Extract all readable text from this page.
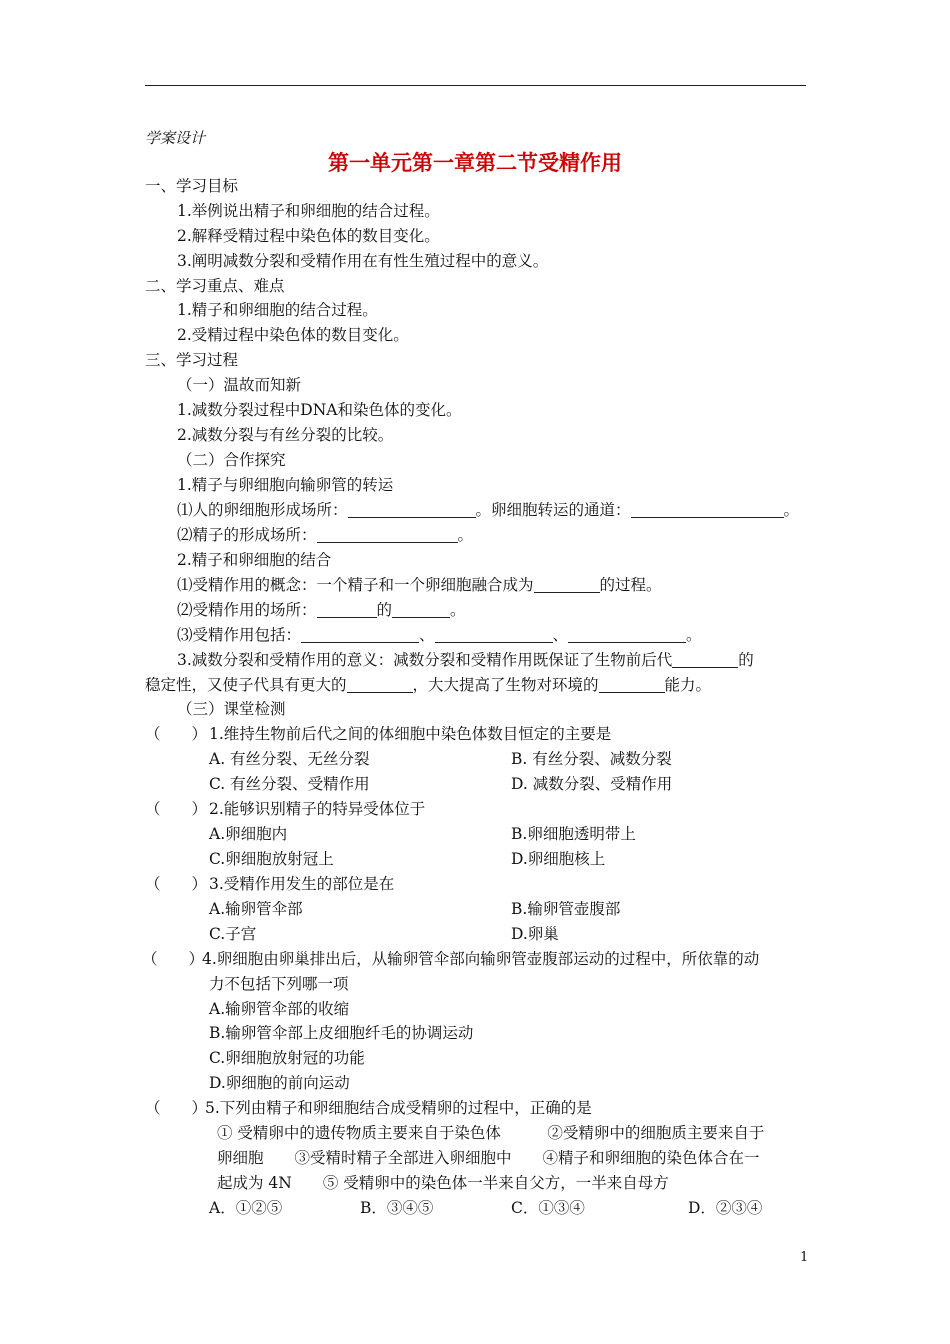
学案设计
第一单元第一章第二节受精作用
一、学习目标
1.举例说出精子和卵细胞的结合过程。
2.解释受精过程中染色体的数目变化。
3.阐明减数分裂和受精作用在有性生殖过程中的意义。
二、学习重点、难点
1.精子和卵细胞的结合过程。
2.受精过程中染色体的数目变化。
三、学习过程
（一）温故而知新
1.减数分裂过程中DNA和染色体的变化。
2.减数分裂与有丝分裂的比较。
（二）合作探究
1.精子与卵细胞向输卵管的转运
⑴人的卵细胞形成场所：	。卵细胞转运的通道：	。
⑵精子的形成场所：	。
2.精子和卵细胞的结合
⑴受精作用的概念：一个精子和一个卵细胞融合成为	的过程。
⑵受精作用的场所：	的	。
⑶受精作用包括：	、	、	。
3.减数分裂和受精作用的意义：减数分裂和受精作用既保证了生物前后代	的
稳定性，又使子代具有更大的	，大大提高了生物对环境的	能力。
（三）课堂检测
（　　） 1.维持生物前后代之间的体细胞中染色体数目恒定的主要是
A. 有丝分裂、无丝分裂	B. 有丝分裂、减数分裂
C. 有丝分裂、受精作用	D. 减数分裂、受精作用
（　　） 2.能够识别精子的特异受体位于
A.卵细胞内	B.卵细胞透明带上
C.卵细胞放射冠上	D.卵细胞核上
（　　） 3.受精作用发生的部位是在
A.输卵管伞部	B.输卵管壶腹部
C.子宫	D.卵巢
（　　）
4.卵细胞由卵巢排出后，从输卵管伞部向输卵管壶腹部运动的过程中，所依靠的动
力不包括下列哪一项
A.输卵管伞部的收缩
B.输卵管伞部上皮细胞纤毛的协调运动
C.卵细胞放射冠的功能
D.卵细胞的前向运动
（　　）
5.下列由精子和卵细胞结合成受精卵的过程中，正确的是
① 受精卵中的遗传物质主要来自于染色体　　　②受精卵中的细胞质主要来自于
卵细胞　　③受精时精子全部进入卵细胞中　　④精子和卵细胞的染色体合在一
起成为 4N　　⑤ 受精卵中的染色体一半来自父方，一半来自母方
A．①②⑤	B．③④⑤	C．①③④	D．②③④
1
